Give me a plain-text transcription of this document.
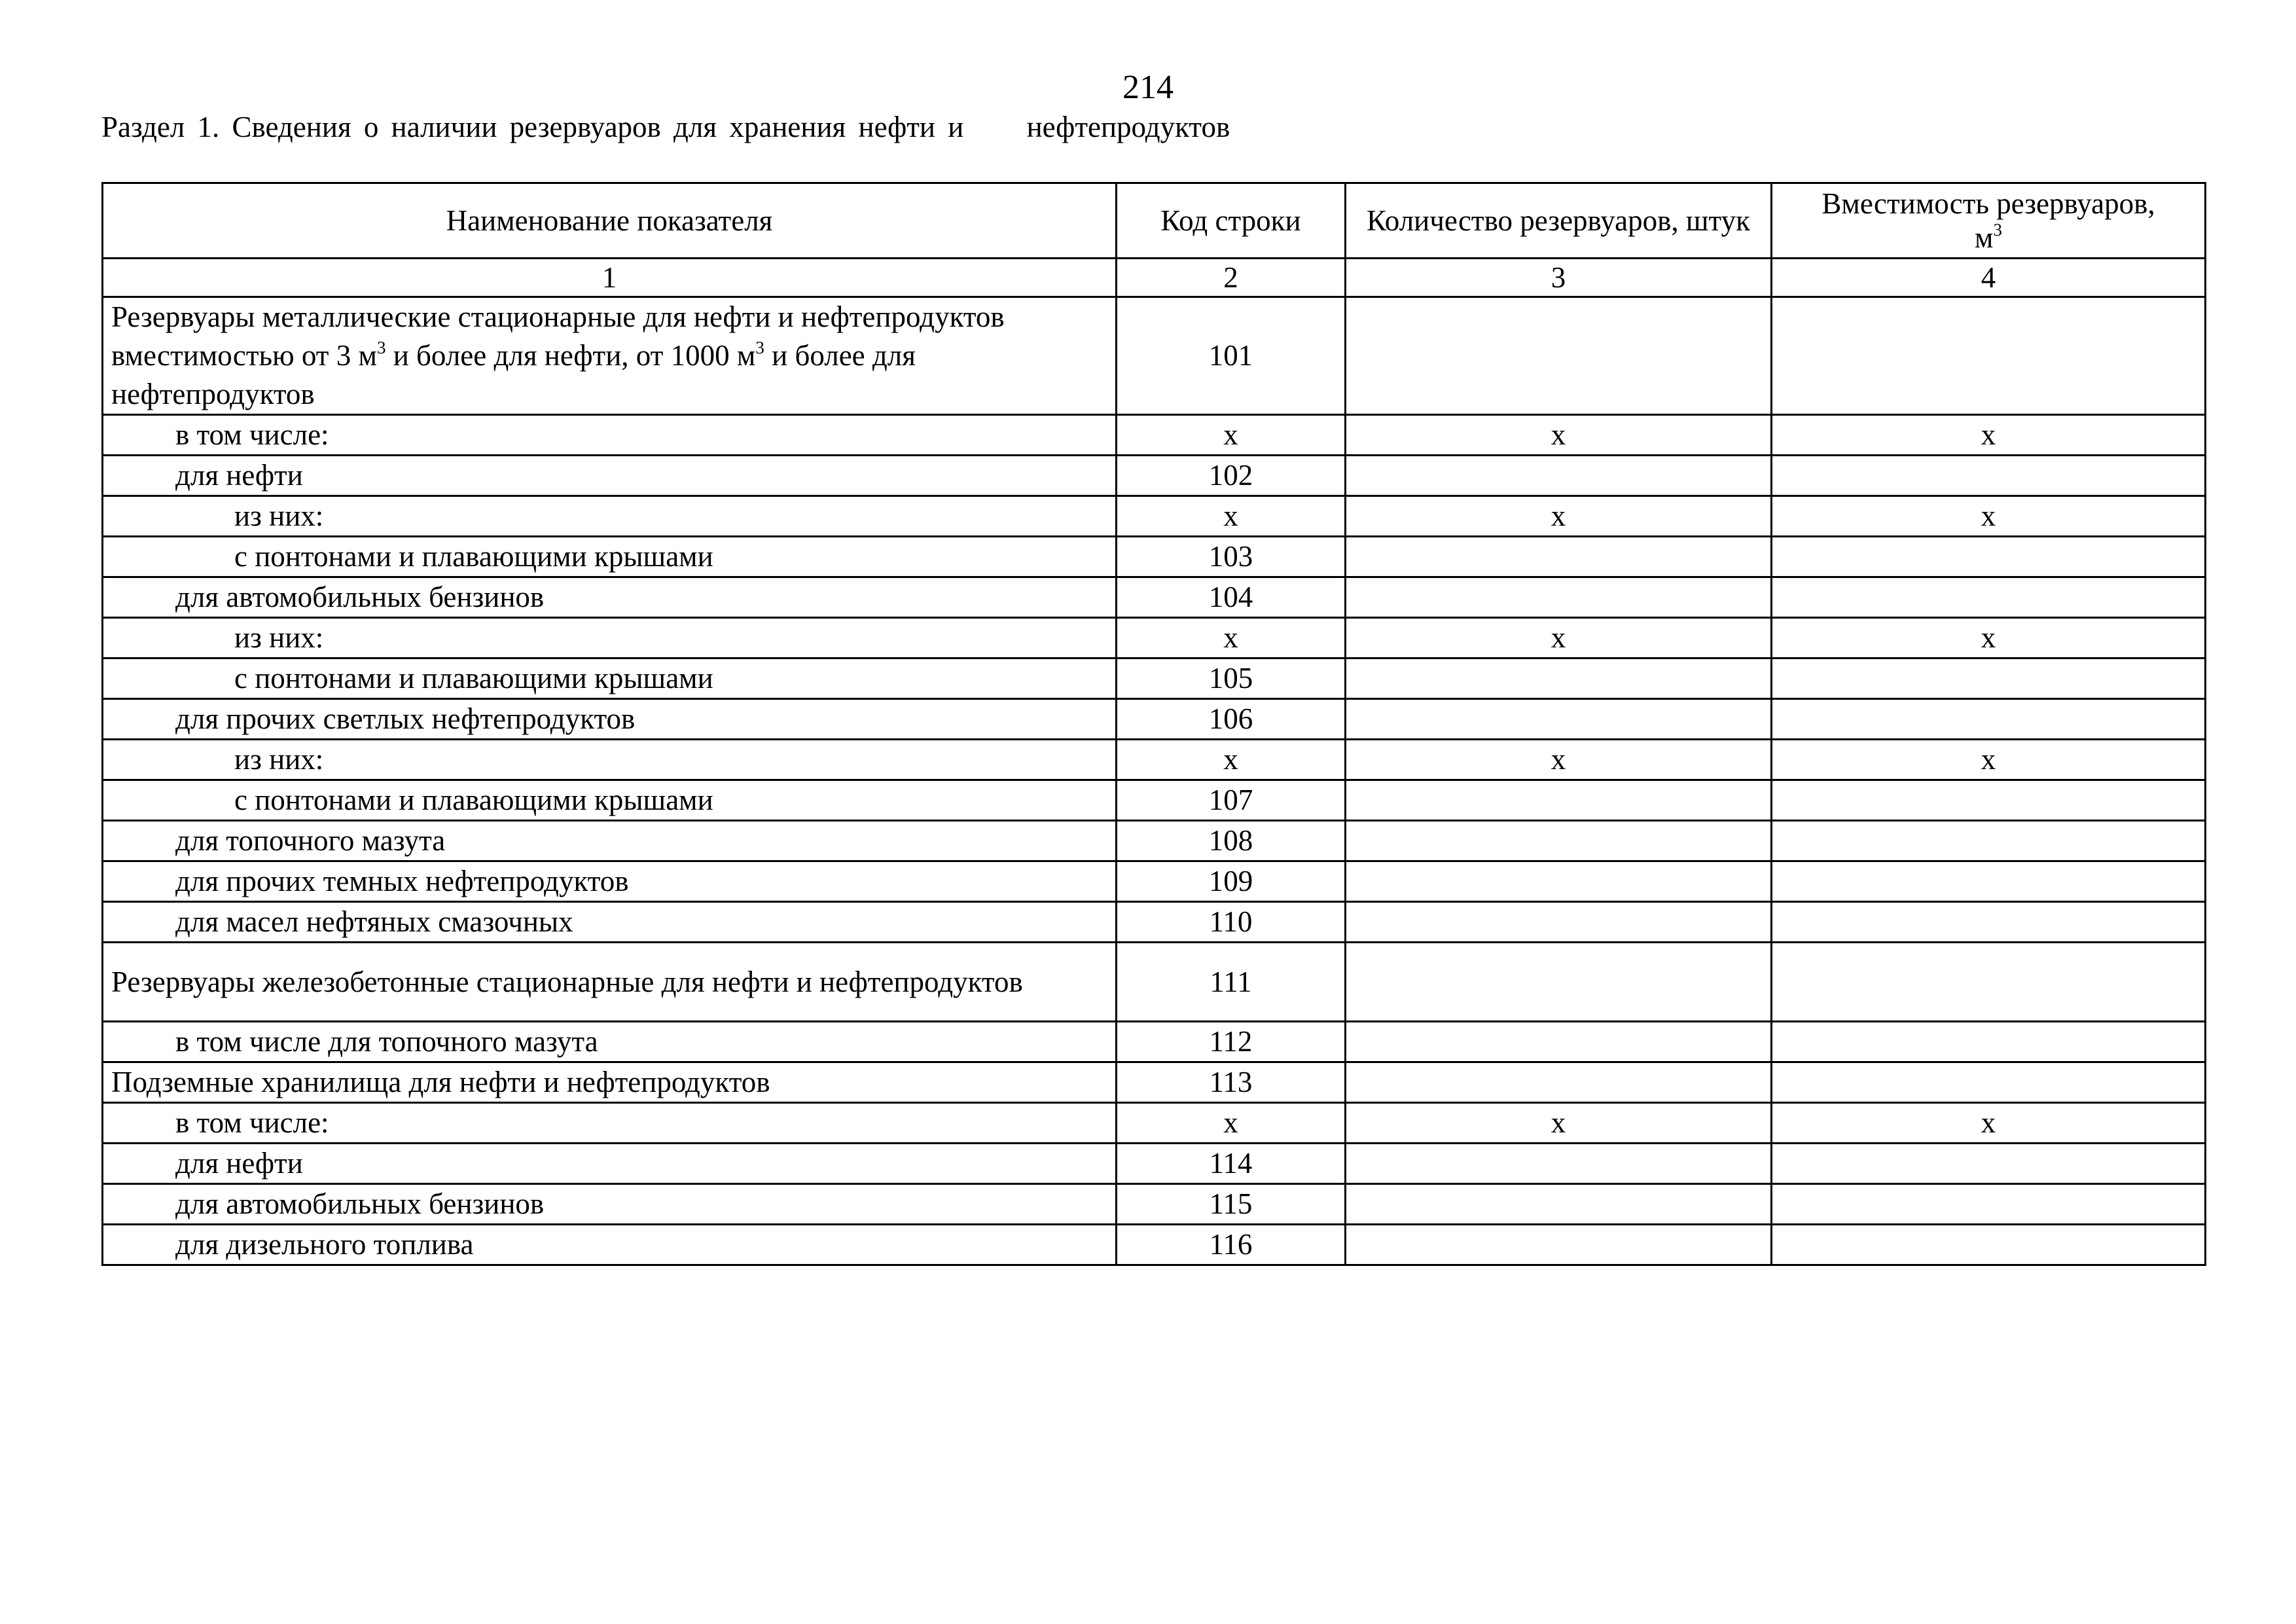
214
Раздел 1. Сведения о наличии резервуаров для хранения нефти и     нефтепродуктов
Наименование показателя	Код строки	Количество резервуаров, штук	Вместимость резервуаров,
$м^3$
1	2	3	4
Резервуары металлические стационарные для нефти и нефтепродуктов вместимостью от 3 $м^3$ и более для нефти, от 1000 $м^3$ и более для нефтепродуктов	101		
в том числе:	x	x	x
для нефти	102		
из них:	x	x	x
с понтонами и плавающими крышами	103		
для автомобильных бензинов	104		
из них:	x	x	x
с понтонами и плавающими крышами	105		
для прочих светлых нефтепродуктов	106		
из них:	x	x	x
с понтонами и плавающими крышами	107		
для топочного мазута	108		
для прочих темных нефтепродуктов	109		
для масел нефтяных смазочных	110		
Резервуары железобетонные стационарные для нефти и нефтепродуктов	111		
в том числе для топочного мазута	112		
Подземные хранилища для нефти и нефтепродуктов	113		
в том числе:	x	x	x
для нефти	114		
для автомобильных бензинов	115		
для дизельного топлива	116		
